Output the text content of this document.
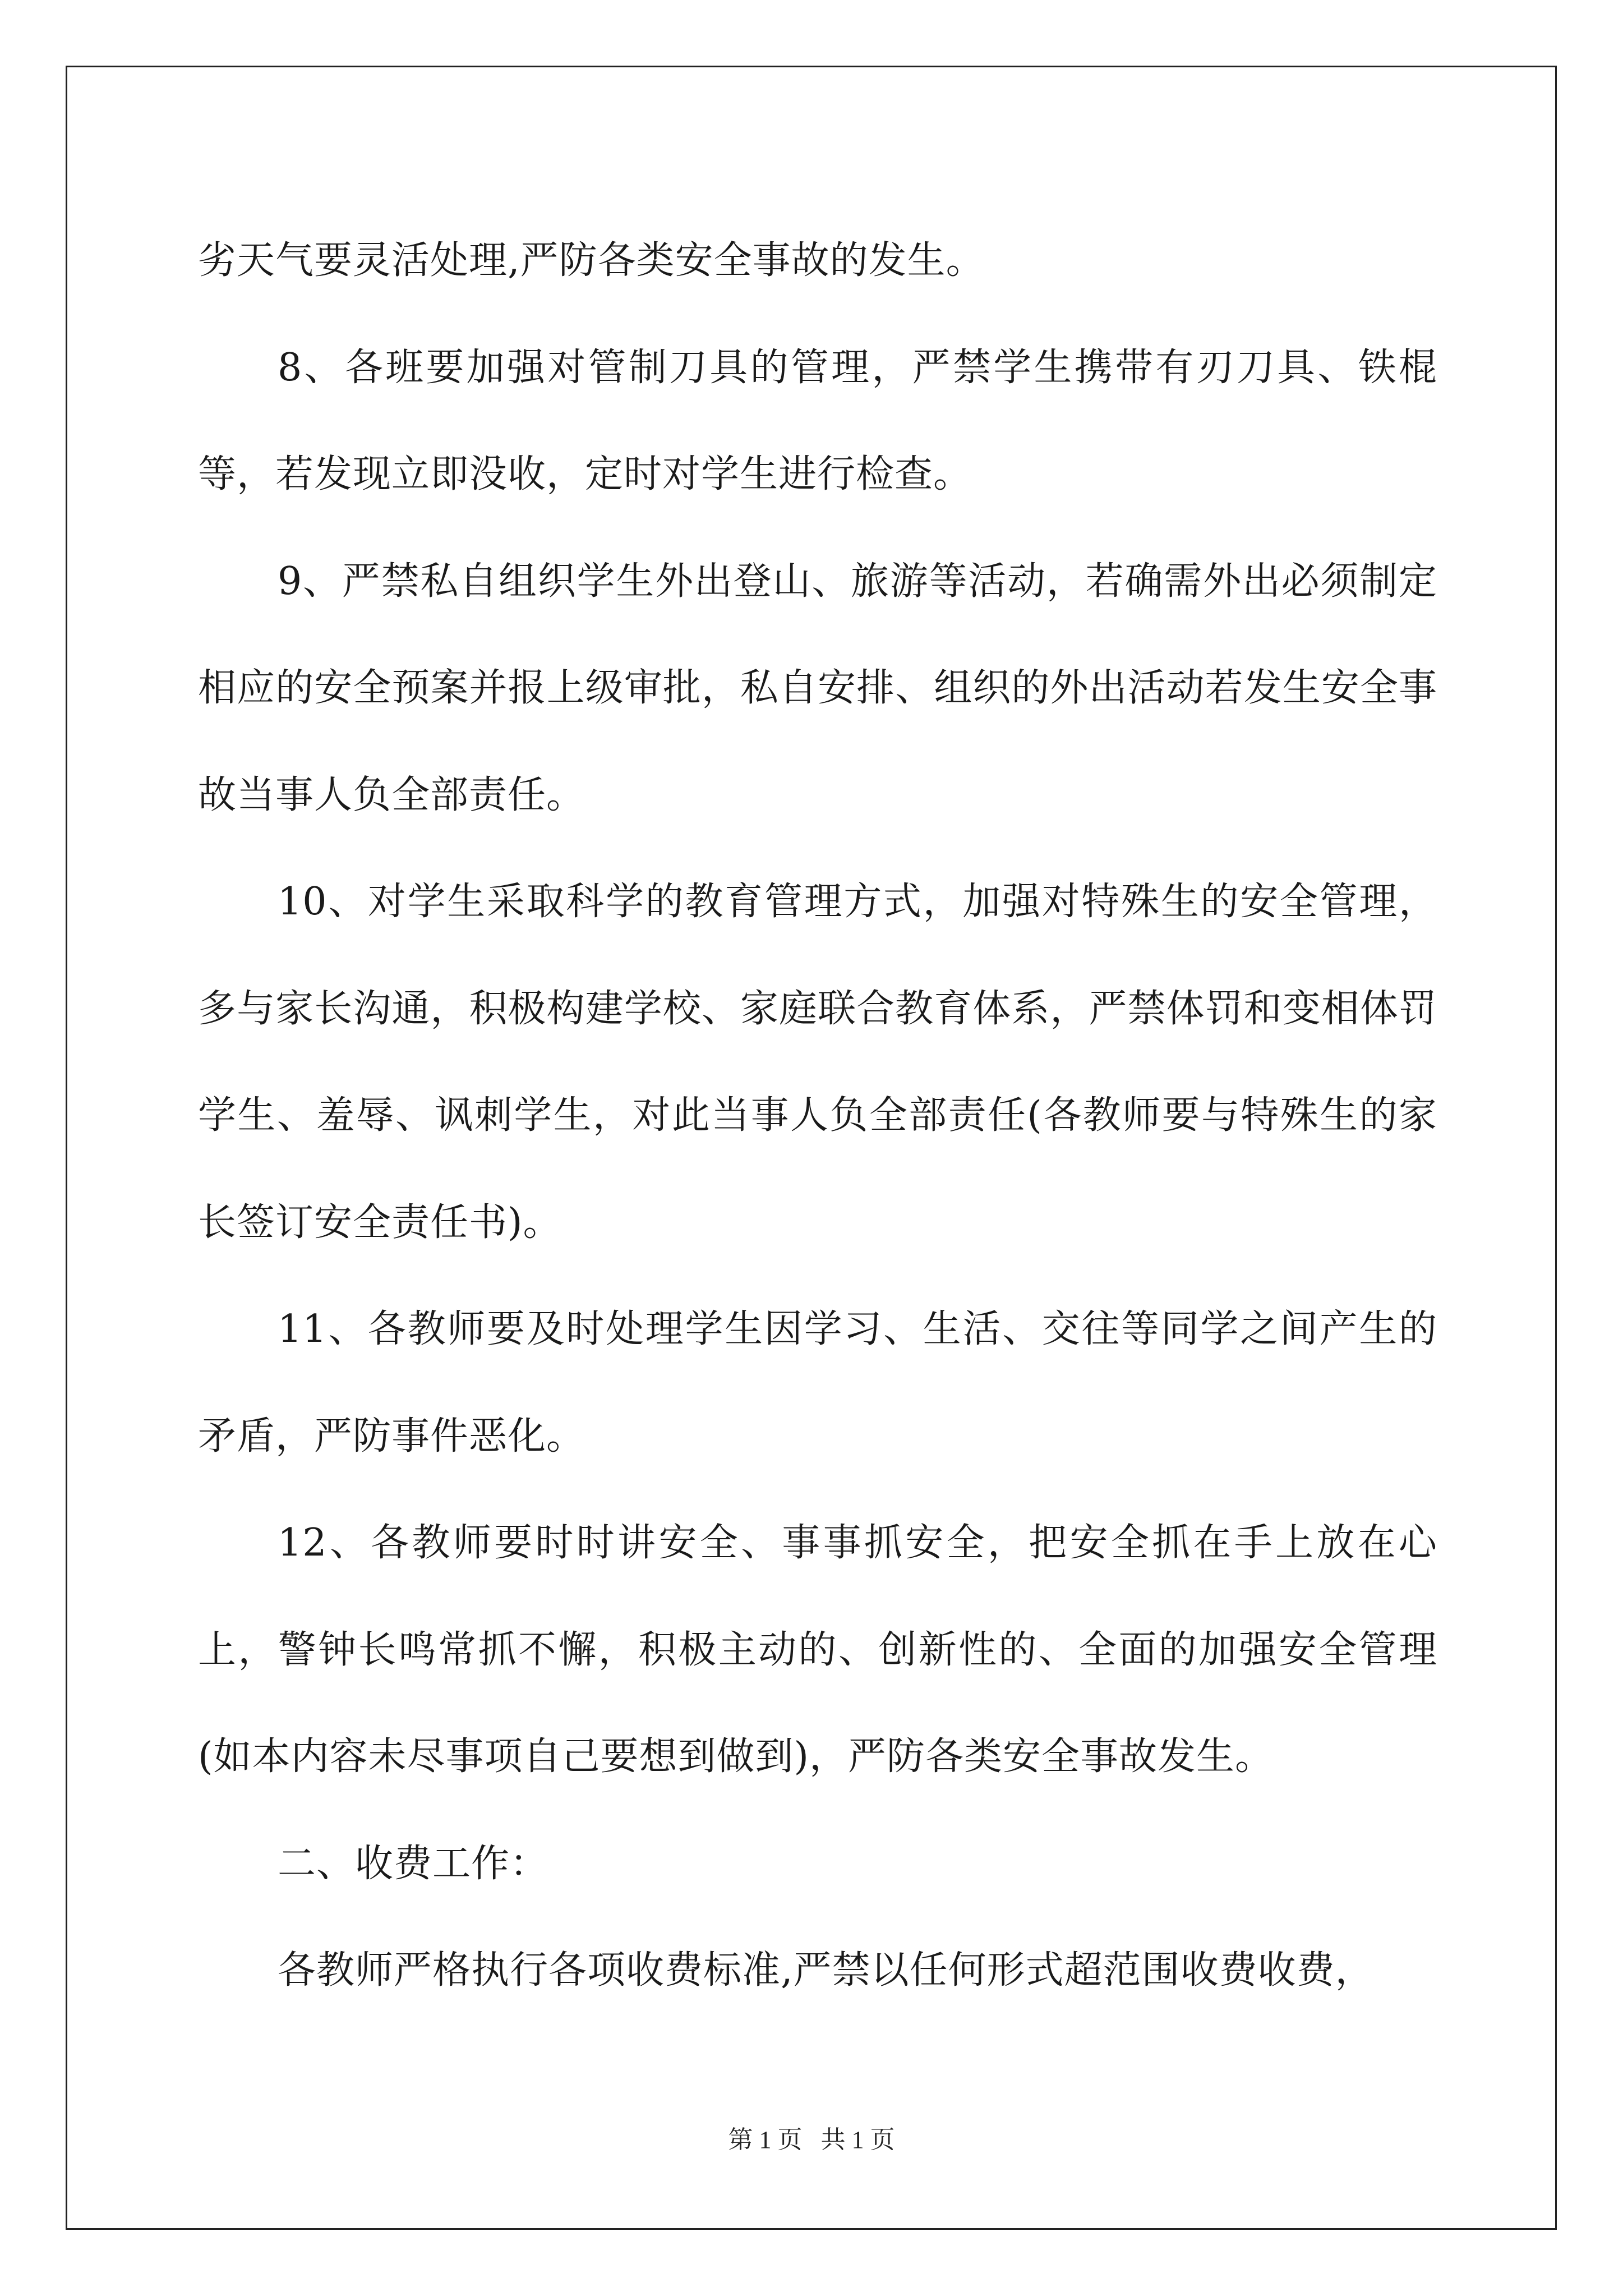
劣天气要灵活处理,严防各类安全事故的发生。

8、各班要加强对管制刀具的管理，严禁学生携带有刃刀具、铁棍等，若发现立即没收，定时对学生进行检查。

9、严禁私自组织学生外出登山、旅游等活动，若确需外出必须制定相应的安全预案并报上级审批，私自安排、组织的外出活动若发生安全事故当事人负全部责任。

10、对学生采取科学的教育管理方式，加强对特殊生的安全管理，多与家长沟通，积极构建学校、家庭联合教育体系，严禁体罚和变相体罚学生、羞辱、讽刺学生，对此当事人负全部责任(各教师要与特殊生的家长签订安全责任书)。

11、各教师要及时处理学生因学习、生活、交往等同学之间产生的矛盾，严防事件恶化。

12、各教师要时时讲安全、事事抓安全，把安全抓在手上放在心上，警钟长鸣常抓不懈，积极主动的、创新性的、全面的加强安全管理(如本内容未尽事项自己要想到做到)，严防各类安全事故发生。

二、收费工作：

各教师严格执行各项收费标准,严禁以任何形式超范围收费收费，

第 1 页 共 1 页
